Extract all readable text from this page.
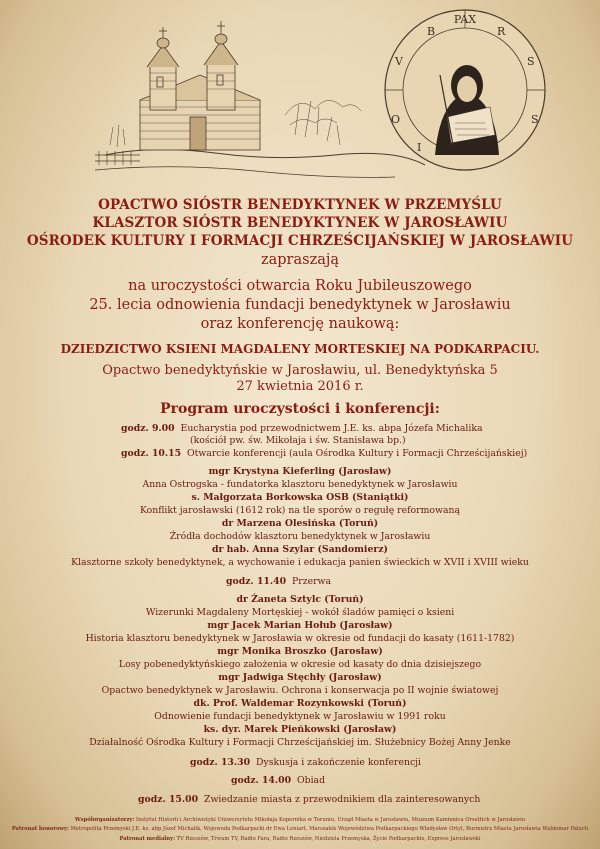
PAX
V
B	R
S
O
I
S
OPACTWO SIÓSTR BENEDYKTYNEK W PRZEMYŚLU
KLASZTOR SIÓSTR BENEDYKTYNEK W JAROSŁAWIU
OŚRODEK KULTURY I FORMACJI CHRZEŚCIJAŃSKIEJ W JAROSŁAWIU
zapraszają
na uroczystości otwarcia Roku Jubileuszowego
25. lecia odnowienia fundacji benedyktynek w Jarosławiu
oraz konferencję naukową:
DZIEDZICTWO KSIENI MAGDALENY MORTESKIEJ NA PODKARPACIU.
Opactwo benedyktyńskie w Jarosławiu, ul. Benedyktyńska 5
27 kwietnia 2016 r.
Program uroczystości i konferencji:
godz. 9.00 Eucharystia pod przewodnictwem J.E. ks. abpa Józefa Michalika
(kościół pw. św. Mikołaja i św. Stanisława bp.)
godz. 10.15 Otwarcie konferencji (aula Ośrodka Kultury i Formacji Chrześcijańskiej)
mgr Krystyna Kieferling (Jarosław)
Anna Ostrogska - fundatorka klasztoru benedyktynek w Jarosławiu
s. Małgorzata Borkowska OSB (Staniątki)
Konflikt jarosławski (1612 rok) na tle sporów o regułę reformowaną
dr Marzena Olesińska (Toruń)
Źródła dochodów klasztoru benedyktynek w Jarosławiu
dr hab. Anna Szylar (Sandomierz)
Klasztorne szkoły benedyktynek, a wychowanie i edukacja panien świeckich w XVII i XVIII wieku
godz. 11.40 Przerwa
dr Żaneta Sztylc (Toruń)
Wizerunki Magdaleny Mortęskiej - wokół śladów pamięci o ksieni
mgr Jacek Marian Hołub (Jarosław)
Historia klasztoru benedyktynek w Jarosławia w okresie od fundacji do kasaty (1611-1782)
mgr Monika Broszko (Jarosław)
Losy pobenedyktyńskiego założenia w okresie od kasaty do dnia dzisiejszego
mgr Jadwiga Stęchły (Jarosław)
Opactwo benedyktynek w Jarosławiu. Ochrona i konserwacja po II wojnie światowej
dk. Prof. Waldemar Rozynkowski (Toruń)
Odnowienie fundacji benedyktynek w Jarosławiu w 1991 roku
ks. dyr. Marek Pieńkowski (Jarosław)
Działalność Ośrodka Kultury i Formacji Chrześcijańskiej im. Służebnicy Bożej Anny Jenke
godz. 13.30 Dyskusja i zakończenie konferencji
godz. 14.00 Obiad
godz. 15.00 Zwiedzanie miasta z przewodnikiem dla zainteresowanych
Współorganizatorzy: Instytut Historii i Archiwistyki Uniwersytetu Mikołaja Kopernika w Toruniu, Urząd Miasta w Jarosławiu, Muzeum Kamienica Orsettich w Jarosławiu
Patronat honorowy: Metropolita Przemyski J.E. ks. abp Józef Michalik, Wojewoda Podkarpacki dr Ewa Leniart, Marszałek Województwa Podkarpackiego Władysław Ortyl, Burmistrz Miasta Jarosławia Waldemar Paluch
Patronat medialny: TV Rzeszów, Trwam TV, Radio Fara, Radio Rzeszów, Niedziela Przemyska, Życie Podkarpackie, Express Jarosławski
